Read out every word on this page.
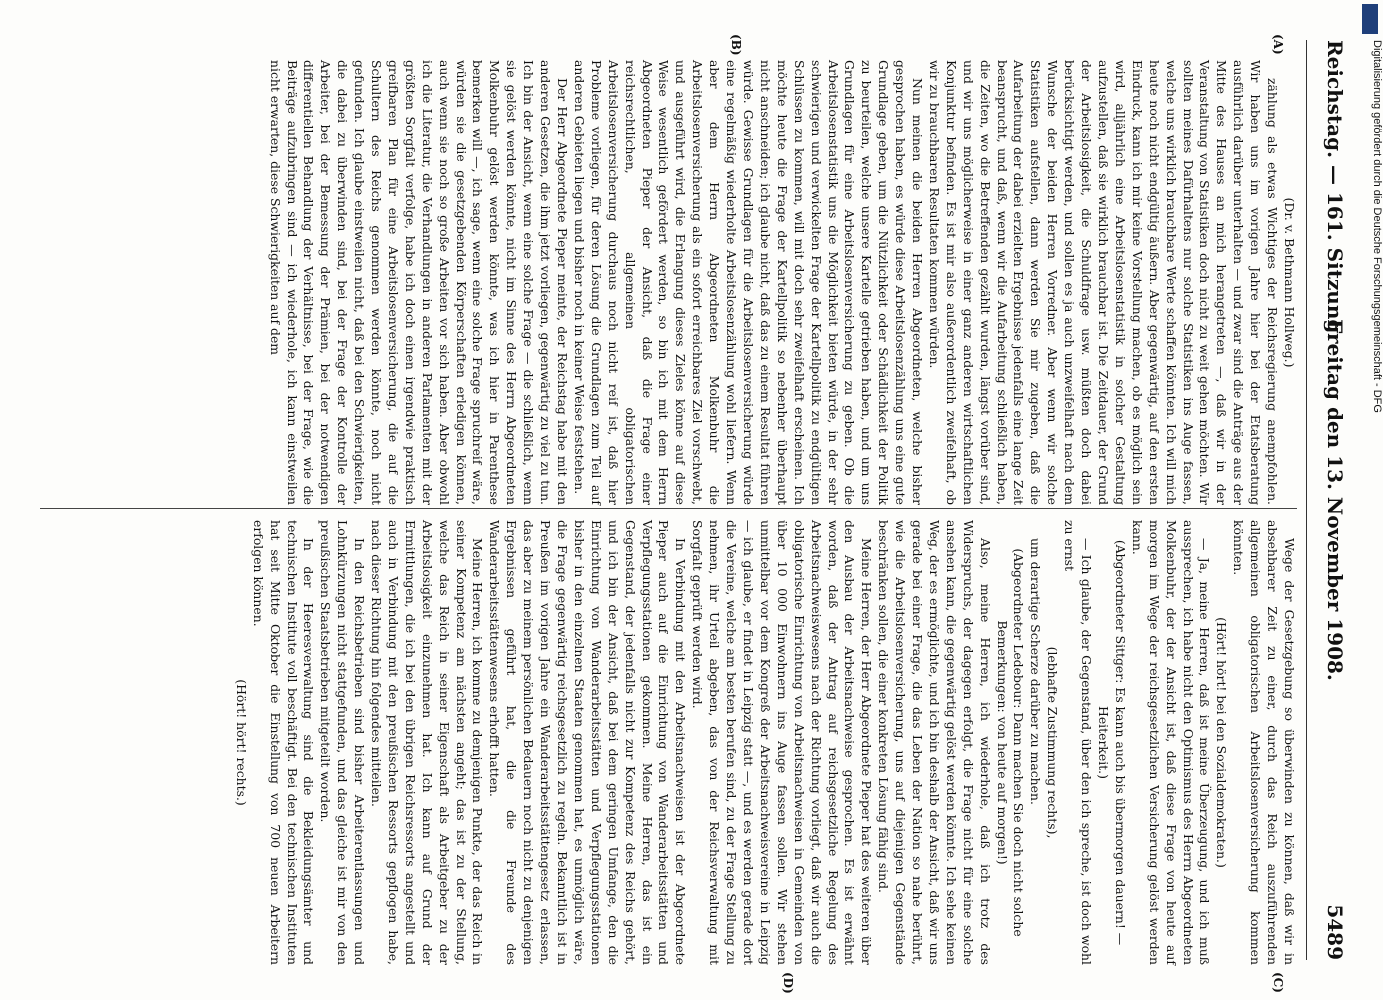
Reichstag. — 161. Sitzung.
Freitag den 13. November 1908.
5489
(A)
(B)
(C)
(D)

(Dr. v. Bethmann Hollweg.)

zählung als etwas Wichtiges der Reichsregierung anempfohlen. Wir haben uns im vorigen Jahre hier bei der Etatsberatung ausführlich darüber unterhalten — und zwar sind die Anträge aus der Mitte des Hauses an mich herangetreten —, daß wir in der Veranstaltung von Statistiken doch nicht zu weit gehen möchten. Wir sollten meines Dafürhaltens nur solche Statistiken ins Auge fassen, welche uns wirklich brauchbare Werte schaffen könnten. Ich will mich heute noch nicht endgültig äußern. Aber gegenwärtig, auf den ersten Eindruck, kann ich mir keine Vorstellung machen, ob es möglich sein wird, alljährlich eine Arbeitslosenstatistik in solcher Gestaltung aufzustellen, daß sie wirklich brauchbar ist. Die Zeitdauer, der Grund der Arbeitslosigkeit, die Schuldfrage usw. müßten doch dabei berücksichtigt werden, und sollen es ja auch unzweifelhaft nach dem Wunsche der beiden Herren Vorredner. Aber wenn wir solche Statistiken aufstellen, dann werden Sie mir zugeben, daß die Aufarbeitung der dabei erzielten Ergebnisse jedenfalls eine lange Zeit beansprucht, und daß, wenn wir die Aufarbeitung schließlich haben, die Zeiten, wo die Betreffenden gezählt wurden, längst vorüber sind, und wir uns möglicherweise in einer ganz anderen wirtschaftlichen Konjunktur befinden. Es ist mir also außerordentlich zweifelhaft, ob wir zu brauchbaren Resultaten kommen würden.

Nun meinen die beiden Herren Abgeordneten, welche bisher gesprochen haben, es würde diese Arbeitslosenzählung uns eine gute Grundlage geben, um die Nützlichkeit oder Schädlichkeit der Politik zu beurteilen, welche unsere Kartelle getrieben haben, und um uns Grundlagen für eine Arbeitslosenversicherung zu geben. Ob die Arbeitslosenstatistik uns die Möglichkeit bieten würde, in der sehr schwierigen und verwickelten Frage der Kartellpolitik zu endgültigen Schlüssen zu kommen, will mit doch sehr zweifelhaft erscheinen. Ich möchte heute die Frage der Kartellpolitik so nebenher überhaupt nicht anschneiden; ich glaube nicht, daß das zu einem Resultat führen würde. Gewisse Grundlagen für die Arbeitslosenversicherung würde eine regelmäßig wiederholte Arbeitslosenzählung wohl liefern. Wenn aber dem Herrn Abgeordneten Molkenbuhr die Arbeitslosenversicherung als ein sofort erreichbares Ziel vorschwebt, und ausgeführt wird, die Erlangung dieses Zieles könne auf diese Weise wesentlich gefördert werden, so bin ich mit dem Herrn Abgeordneten Pieper der Ansicht, daß die Frage einer reichsrechtlichen, allgemeinen obligatorischen Arbeitslosenversicherung durchaus noch nicht reif ist, daß hier Probleme vorliegen, für deren Lösung die Grundlagen zum Teil auf anderen Gebieten liegen und bisher noch in keiner Weise feststehen.

Der Herr Abgeordnete Pieper meinte, der Reichstag habe mit den anderen Gesetzen, die ihm jetzt vorliegen, gegenwärtig zu viel zu tun. Ich bin der Ansicht, wenn eine solche Frage — die schließlich, wenn sie gelöst werden könnte, nicht im Sinne des Herrn Abgeordneten Molkenbuhr gelöst werden könnte, was ich hier in Parenthese bemerken will —, ich sage, wenn eine solche Frage spruchreif wäre, würden sie die gesetzgebenden Körperschaften erledigen können, auch wenn sie noch so große Arbeiten vor sich haben. Aber obwohl ich die Literatur, die Verhandlungen in anderen Parlamenten mit der größten Sorgfalt verfolge, habe ich doch einen irgendwie praktisch greifbaren Plan für eine Arbeitslosenversicherung, die auf die Schultern des Reichs genommen werden könnte, noch nicht gefunden. Ich glaube einstweilen nicht, daß bei den Schwierigkeiten, die dabei zu überwinden sind, bei der Frage der Kontrolle der Arbeiter, bei der Bemessung der Prämien, bei der notwendigen differentiellen Behandlung der Verhältnisse, bei der Frage, wie die Beiträge aufzubringen sind — ich wiederhole, ich kann einstweilen nicht erwarten, diese Schwierigkeiten auf dem

Wege der Gesetzgebung so überwinden zu können, daß wir in absehbarer Zeit zu einer, durch das Reich auszuführenden allgemeinen obligatorischen Arbeitslosenversicherung kommen könnten.

(Hört! hört! bei den Sozialdemokraten.)

— Ja, meine Herren, daß ist meine Überzeugung, und ich muß aussprechen, ich habe nicht den Optimismus des Herrn Abgeordneten Molkenbuhr, der der Ansicht ist, daß diese Frage von heute auf morgen im Wege der reichsgesetzlichen Versicherung gelöst werden kann.

(Abgeordneter Sittger: Es kann auch bis übermorgen dauern! — Heiterkeit.)

— Ich glaube, der Gegenstand, über den ich spreche, ist doch wohl zu ernst

(lebhafte Zustimmung rechts),

um derartige Scherze darüber zu machen.

(Abgeordneter Ledebour: Dann machen Sie doch nicht solche Bemerkungen: von heute auf morgen!)

Also, meine Herren, ich wiederhole, daß ich trotz des Widerspruchs, der dagegen erfolgt, die Frage nicht für eine solche ansehen kann, die gegenwärtig gelöst werden könnte. Ich sehe keinen Weg, der es ermöglichte, und ich bin deshalb der Ansicht, daß wir uns gerade bei einer Frage, die das Leben der Nation so nahe berührt, wie die Arbeitslosenversicherung, uns auf diejenigen Gegenstände beschränken sollen, die einer konkreten Lösung fähig sind.

Meine Herren, der Herr Abgeordnete Pieper hat des weiteren über den Ausbau der Arbeitsnachweise gesprochen. Es ist erwähnt worden, daß der Antrag auf reichsgesetzliche Regelung des Arbeitsnachweiswesens nach der Richtung vorliegt, daß wir auch die obligatorische Einrichtung von Arbeitsnachweisen in Gemeinden von über 10 000 Einwohnern ins Auge fassen sollen. Wir stehen unmittelbar vor dem Kongreß der Arbeitsnachweisvereine in Leipzig — ich glaube, er findet in Leipzig statt —, und es werden gerade dort die Vereine, welche am besten berufen sind, zu der Frage Stellung zu nehmen, ihr Urteil abgeben, das von der Reichsverwaltung mit Sorgfalt geprüft werden wird.

In Verbindung mit den Arbeitsnachweisen ist der Abgeordnete Pieper auch auf die Einrichtung von Wanderarbeitsstätten und Verpflegungsstationen gekommen. Meine Herren, das ist ein Gegenstand, der jedenfalls nicht zur Kompetenz des Reichs gehört, und ich bin der Ansicht, daß bei dem geringen Umfange, den die Einrichtung von Wanderarbeitsstätten und Verpflegungsstationen bisher in den einzelnen Staaten genommen hat, es unmöglich wäre, die Frage gegenwärtig reichsgesetzlich zu regeln. Bekanntlich ist in Preußen im vorigen Jahre ein Wanderarbeitsstättengesetz erlassen, das aber zu meinem persönlichen Bedauern noch nicht zu denjenigen Ergebnissen geführt hat, die die Freunde des Wanderarbeitsstättenwesens erhofft hatten.

Meine Herren, ich komme zu demjenigen Punkte, der das Reich in seiner Kompetenz am nächsten angeht; das ist zu der Stellung, welche das Reich in seiner Eigenschaft als Arbeitgeber zu der Arbeitslosigkeit einzunehmen hat. Ich kann auf Grund der Ermittlungen, die ich bei den übrigen Reichsressorts angestellt und auch in Verbindung mit den preußischen Ressorts gepflogen habe, nach dieser Richtung hin folgendes mitteilen.

In den Reichsbetrieben sind bisher Arbeiterentlassungen und Lohnkürzungen nicht stattgefunden, und das gleiche ist mir von den preußischen Staatsbetrieben mitgeteilt worden.

In der Heeresverwaltung sind die Bekleidungsämter und technischen Institute voll beschäftigt. Bei den technischen Instituten hat seit Mitte Oktober die Einstellung von 700 neuen Arbeitern erfolgen können.

(Hört! hört! rechts.)

Digitalisierung gefördert durch die Deutsche Forschungsgemeinschaft - DFG
